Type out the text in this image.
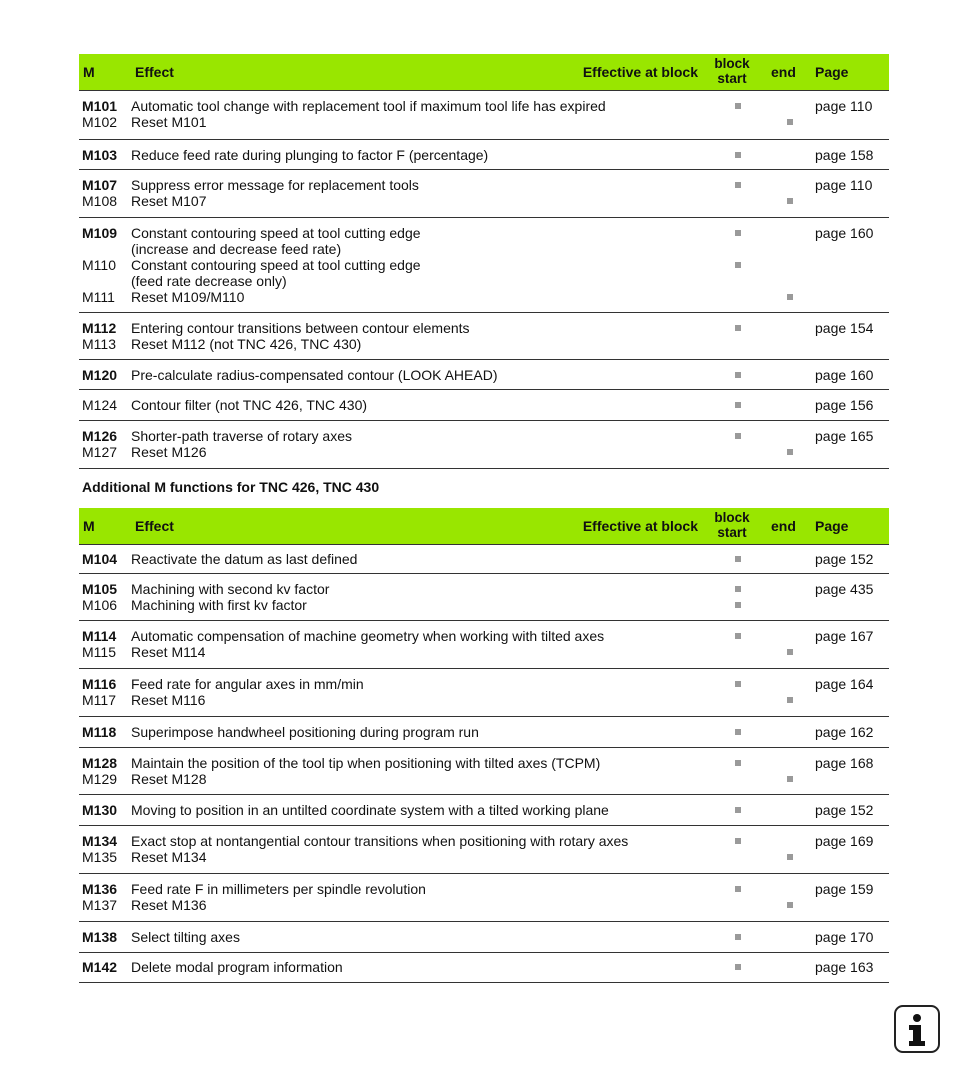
M	Effect	Effective at block
block start	end Page
M101 Automatic tool change with replacement tool if maximum tool life has expired	page 110
M102 Reset M101
M103 Reduce feed rate during plunging to factor F (percentage)	page 158
M107 Suppress error message for replacement tools	page 110
M108 Reset M107
M109 Constant contouring speed at tool cutting edge	page 160
(increase and decrease feed rate)
M110 Constant contouring speed at tool cutting edge
(feed rate decrease only)
M111 Reset M109/M110
M112 Entering contour transitions between contour elements	page 154
M113 Reset M112 (not TNC 426, TNC 430)
M120 Pre-calculate radius-compensated contour (LOOK AHEAD)	page 160
M124 Contour filter (not TNC 426, TNC 430)	page 156
M126 Shorter-path traverse of rotary axes	page 165
M127 Reset M126
Additional M functions for TNC 426, TNC 430
M	Effect	Effective at block
block start	end Page
M104 Reactivate the datum as last defined	page 152
M105 Machining with second kv factor	page 435
M106 Machining with first kv factor
M114 Automatic compensation of machine geometry when working with tilted axes	page 167
M115 Reset M114
M116 Feed rate for angular axes in mm/min	page 164
M117 Reset M116
M118 Superimpose handwheel positioning during program run	page 162
M128 Maintain the position of the tool tip when positioning with tilted axes (TCPM)	page 168
M129 Reset M128
M130 Moving to position in an untilted coordinate system with a tilted working plane	page 152
M134 Exact stop at nontangential contour transitions when positioning with rotary axes	page 169
M135 Reset M134
M136 Feed rate F in millimeters per spindle revolution	page 159
M137 Reset M136
M138 Select tilting axes	page 170
M142 Delete modal program information	page 163
